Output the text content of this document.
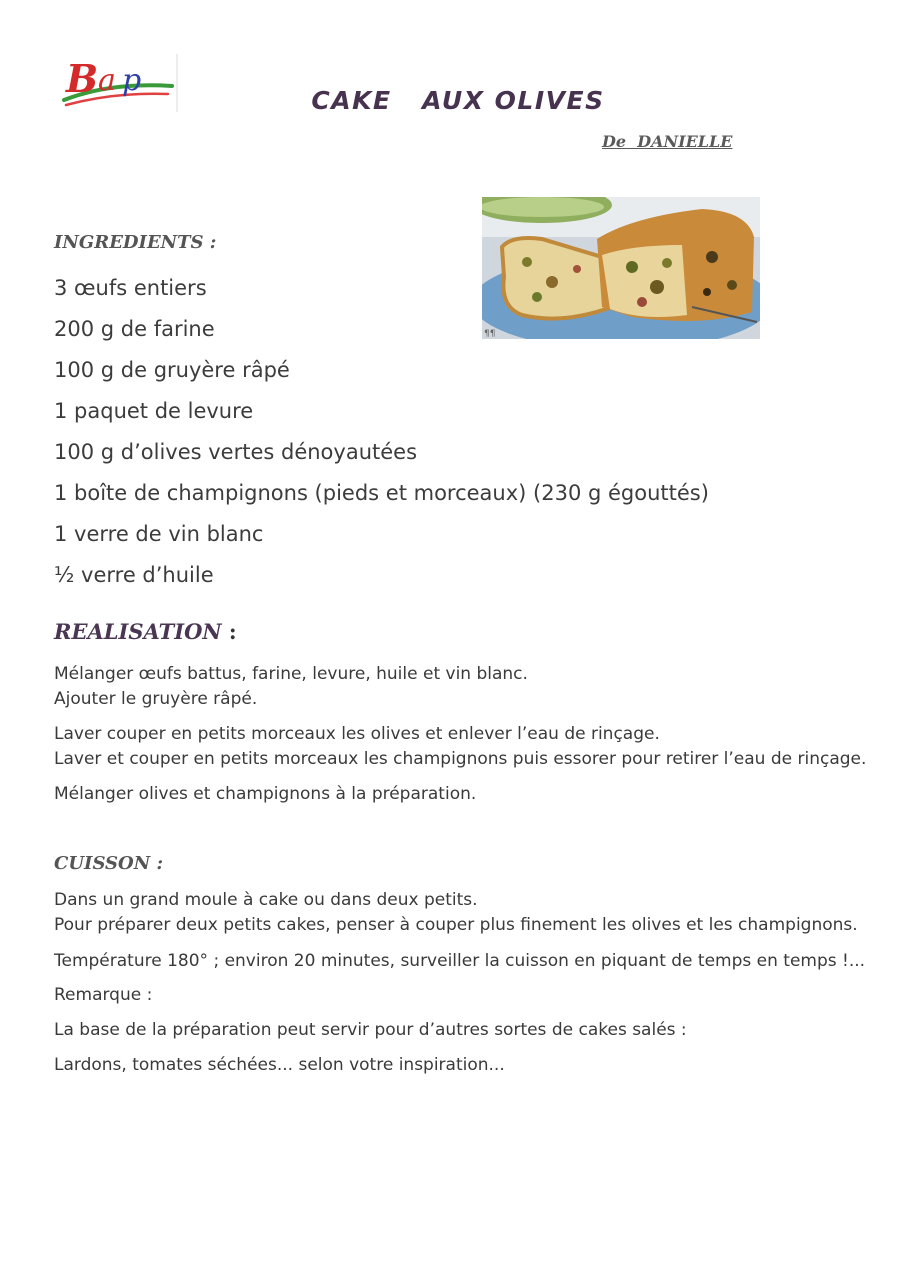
B a p
CAKE   AUX OLIVES
De  DANIELLE
¶¶
INGREDIENTS :
3 œufs entiers
200 g de farine
100 g de gruyère râpé
1 paquet de levure
100 g d’olives vertes dénoyautées
1 boîte de champignons (pieds et morceaux) (230 g égouttés)
1 verre de vin blanc
½ verre d’huile
REALISATION :

Mélanger œufs battus, farine, levure, huile et vin blanc.
Ajouter le gruyère râpé.

Laver couper en petits morceaux les olives et enlever l’eau de rinçage.
Laver et couper en petits morceaux les champignons puis essorer pour retirer l’eau de rinçage.

Mélanger olives et champignons à la préparation.

CUISSON :

Dans un grand moule à cake ou dans deux petits.
Pour préparer deux petits cakes, penser à couper plus finement les olives et les champignons.

Température 180° ; environ 20 minutes, surveiller la cuisson en piquant de temps en temps !...

Remarque :

La base de la préparation peut servir pour d’autres sortes de cakes salés :

Lardons, tomates séchées... selon votre inspiration...
